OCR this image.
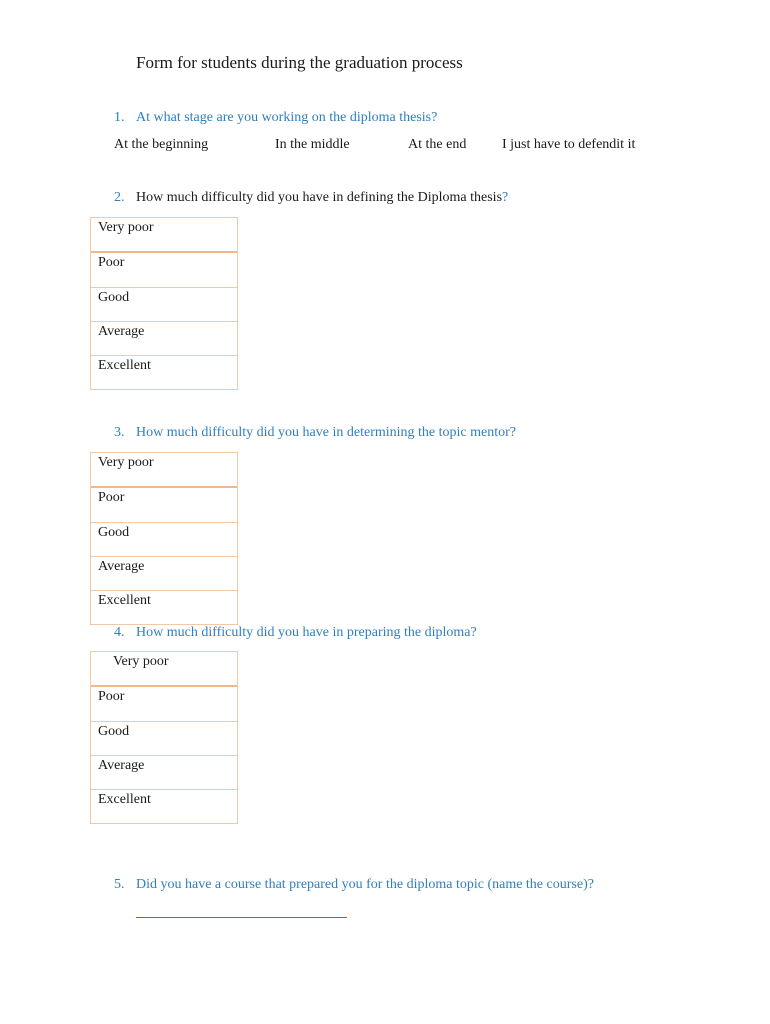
Form for students during the graduation process
1. At what stage are you working on the diploma thesis?
At the beginning	In the middle	At the end	I just have to defendit it
2. How much difficulty did you have in defining the Diploma thesis?
Very poor
Poor
Good
Average
Excellent
3. How much difficulty did you have in determining the topic mentor?
Very poor
Poor
Good
Average
Excellent
4. How much difficulty did you have in preparing the diploma?
Very poor
Poor
Good
Average
Excellent
5. Did you have a course that prepared you for the diploma topic (name the course)?
